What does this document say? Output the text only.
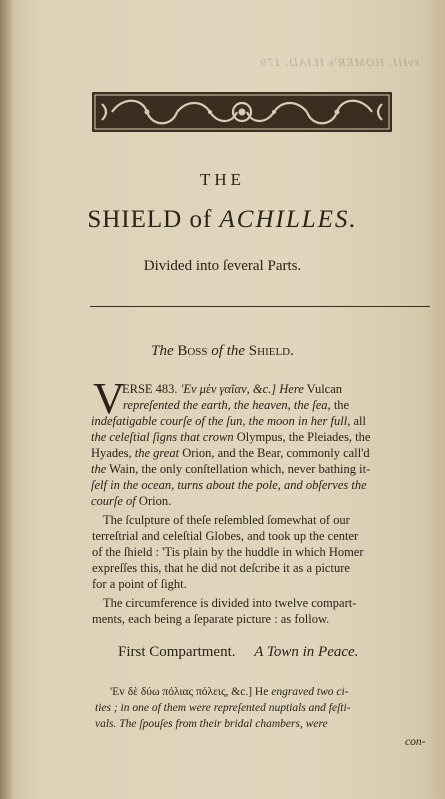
xvIII. HOMER's ILIAD. 179
THE
SHIELD of ACHILLES.
Divided into ſeveral Parts.
The Boss of the Shield.
V
ERSE 483. 'Ev μὲν γαῖαν, &c.] Here Vulcan
repreſented the earth, the heaven, the ſea, the
indefatigable courſe of the ſun, the moon in her full, all
the celeſtial ſigns that crown Olympus, the Pleiades, the
Hyades, the great Orion, and the Bear, commonly call'd
the Wain, the only conſtellation which, never bathing it-
ſelf in the ocean, turns about the pole, and obſerves the
courſe of Orion.
The ſculpture of theſe reſembled ſomewhat of our
terreſtrial and celeſtial Globes, and took up the center
of the ſhield : 'Tis plain by the huddle in which Homer
expreſſes this, that he did not deſcribe it as a picture
for a point of ſight.
The circumference is divided into twelve compart-
ments, each being a ſeparate picture : as follow.
First Compartment. A Town in Peace.
'Ev δὲ δύω πόλιας πόλεις, &c.] He engraved two ci-
ties ; in one of them were repreſented nuptials and feſti-
vals. The ſpouſes from their bridal chambers, were
con-
